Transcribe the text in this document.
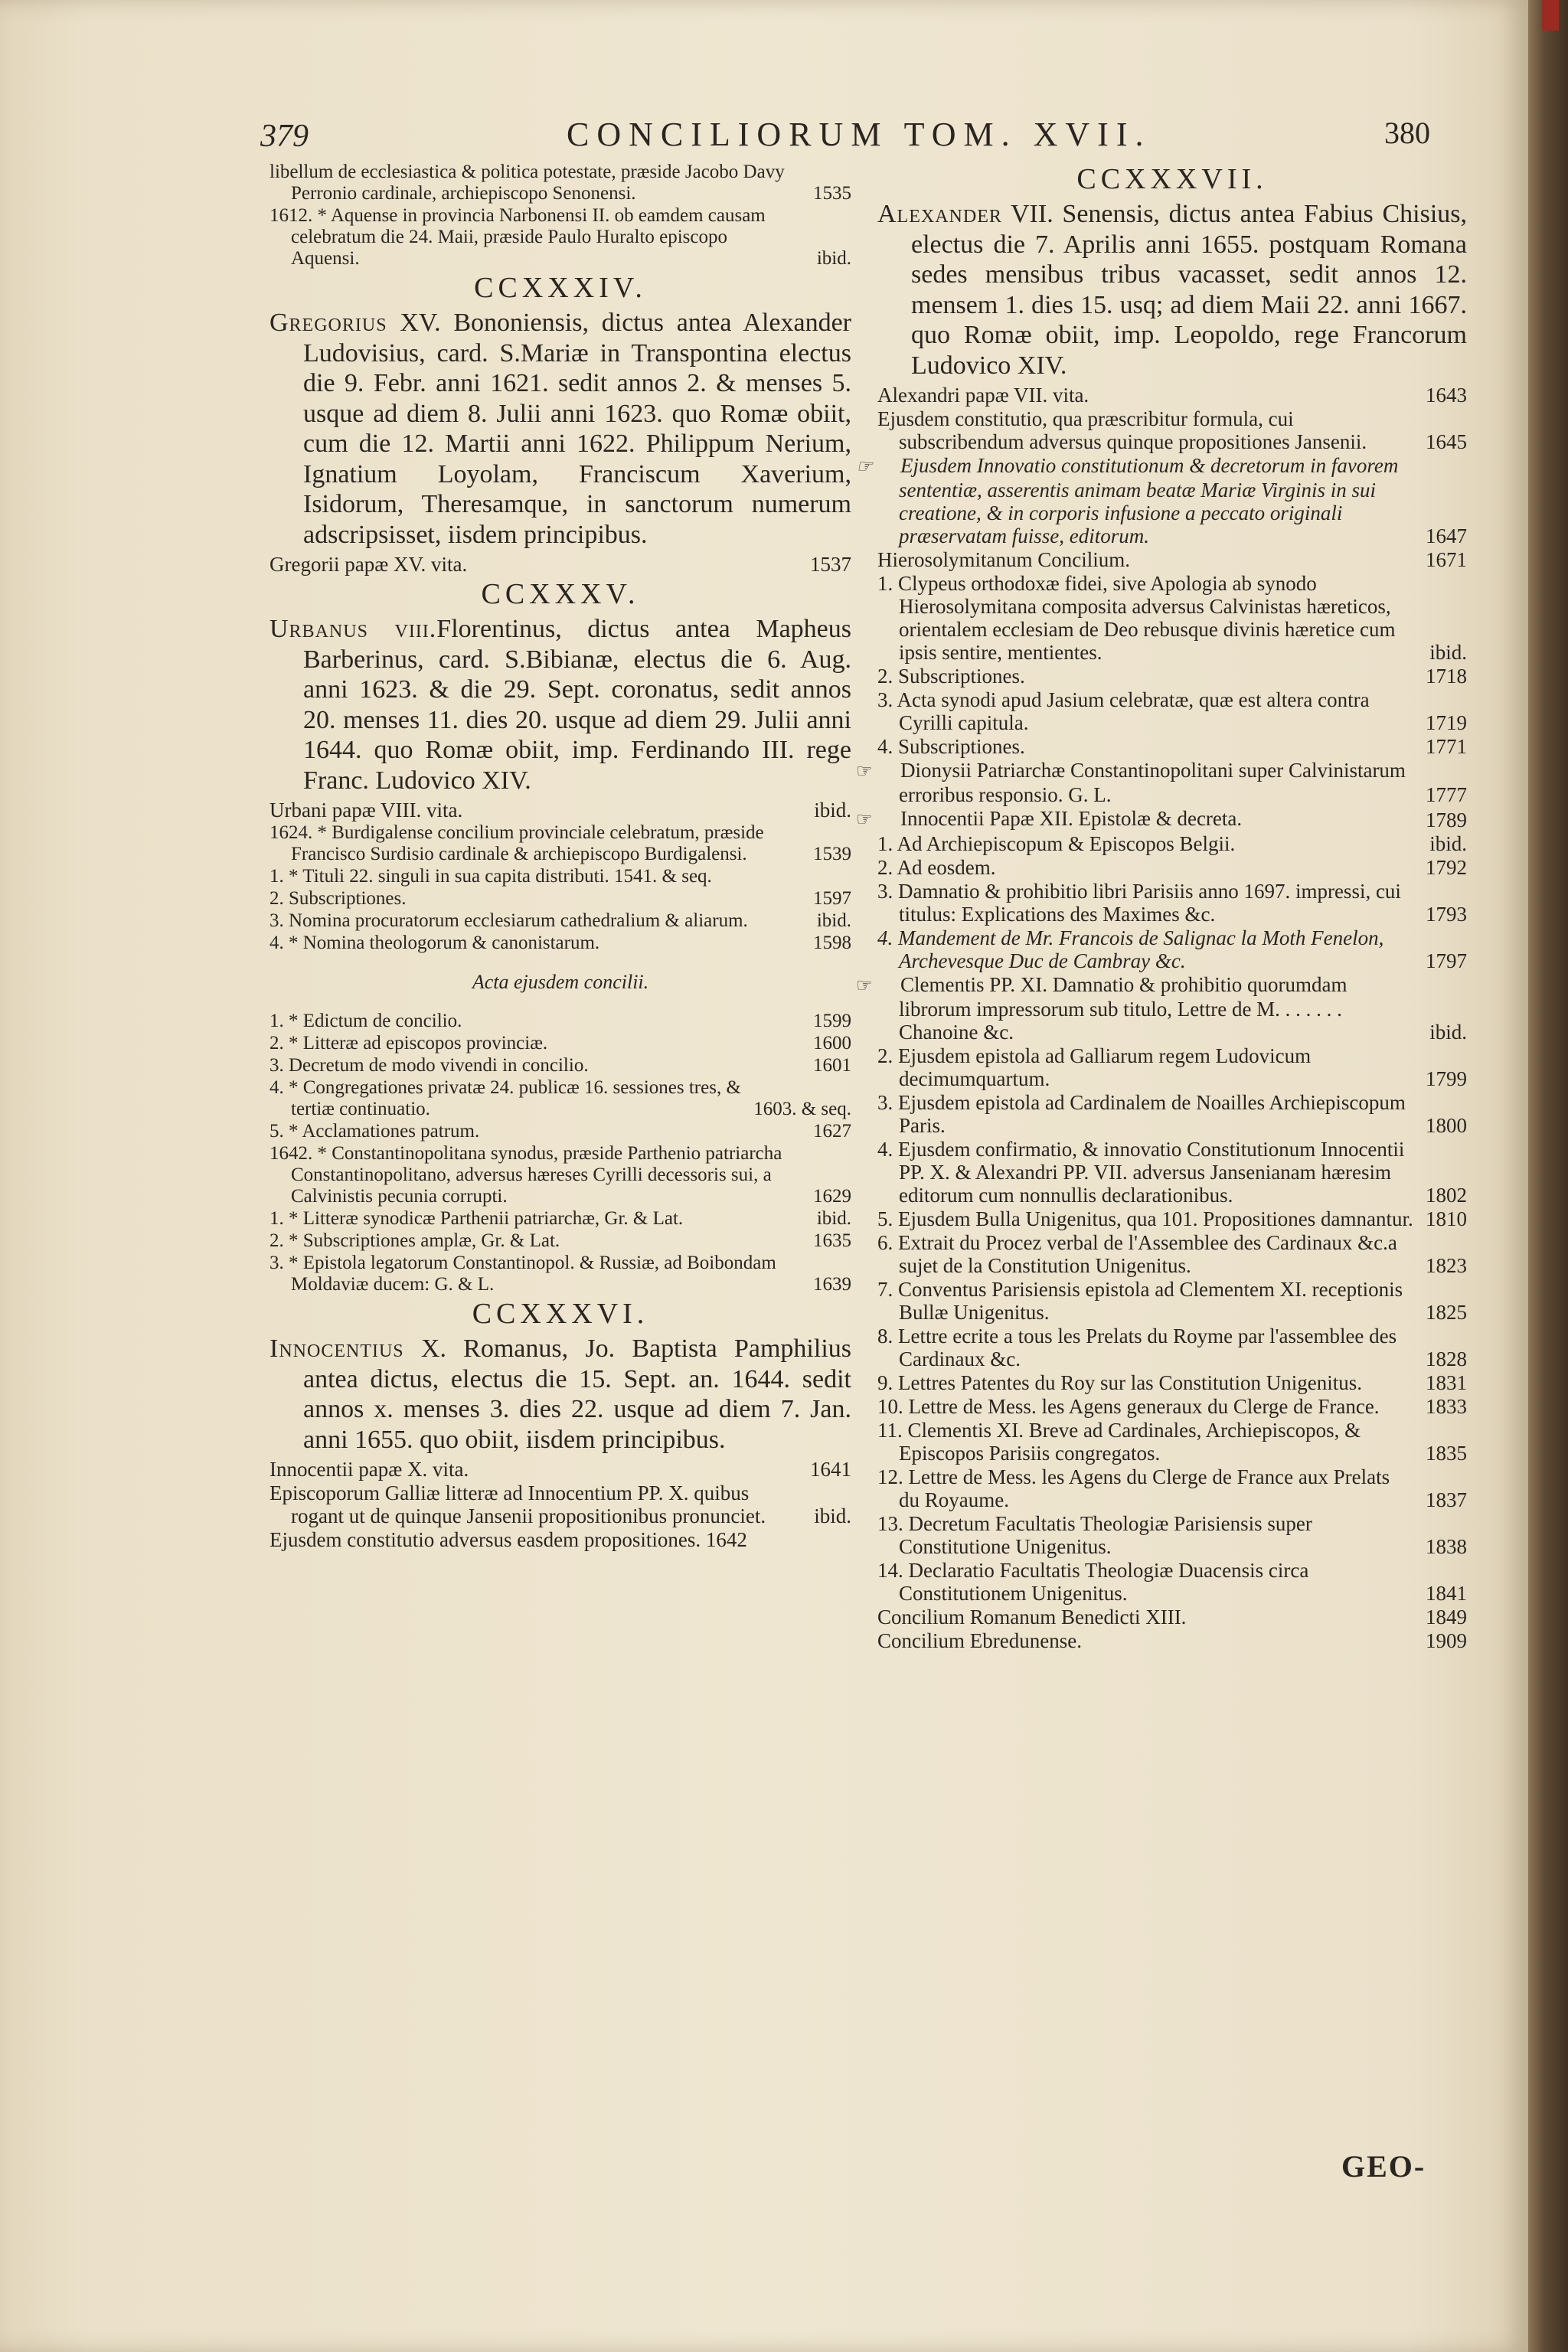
379	CONCILIORUM TOM. XVII.	380
libellum de ecclesiastica & politica potestate, præside Jacobo Davy Perronio cardinale, archiepiscopo Senonensi.	1535
1612. * Aquense in provincia Narbonensi II. ob eamdem causam celebratum die 24. Maii, præside Paulo Huralto episcopo Aquensi.	ibid.
CCXXXIV.

Gregorius XV. Bononiensis, dictus antea Alexander Ludovisius, card. S.Mariæ in Transpontina electus die 9. Febr. anni 1621. sedit annos 2. & menses 5. usque ad diem 8. Julii anni 1623. quo Romæ obiit, cum die 12. Martii anni 1622. Philippum Nerium, Ignatium Loyolam, Franciscum Xaverium, Isidorum, Theresamque, in sanctorum numerum adscripsisset, iisdem principibus.

Gregorii papæ XV. vita.	1537
CCXXXV.

Urbanus viii.Florentinus, dictus antea Mapheus Barberinus, card. S.Bibianæ, electus die 6. Aug. anni 1623. & die 29. Sept. coronatus, sedit annos 20. menses 11. dies 20. usque ad diem 29. Julii anni 1644. quo Romæ obiit, imp. Ferdinando III. rege Franc. Ludovico XIV.

Urbani papæ VIII. vita.	ibid.
1624. * Burdigalense concilium provinciale celebratum, præside Francisco Surdisio cardinale & archiepiscopo Burdigalensi.	1539
1. * Tituli 22. singuli in sua capita distributi. 1541. & seq.
2. Subscriptiones.	1597
3. Nomina procuratorum ecclesiarum cathedralium & aliarum.	ibid.
4. * Nomina theologorum & canonistarum.	1598
Acta ejusdem concilii.
1. * Edictum de concilio.	1599
2. * Litteræ ad episcopos provinciæ.	1600
3. Decretum de modo vivendi in concilio.	1601
4. * Congregationes privatæ 24. publicæ 16. sessiones tres, & tertiæ continuatio.	1603. & seq.
5. * Acclamationes patrum.	1627
1642. * Constantinopolitana synodus, præside Parthenio patriarcha Constantinopolitano, adversus hæreses Cyrilli decessoris sui, a Calvinistis pecunia corrupti.	1629
1. * Litteræ synodicæ Parthenii patriarchæ, Gr. & Lat.	ibid.
2. * Subscriptiones amplæ, Gr. & Lat.	1635
3. * Epistola legatorum Constantinopol. & Russiæ, ad Boibondam Moldaviæ ducem: G. & L.	1639
CCXXXVI.

Innocentius X. Romanus, Jo. Baptista Pamphilius antea dictus, electus die 15. Sept. an. 1644. sedit annos x. menses 3. dies 22. usque ad diem 7. Jan. anni 1655. quo obiit, iisdem principibus.

Innocentii papæ X. vita.	1641
Episcoporum Galliæ litteræ ad Innocentium PP. X. quibus rogant ut de quinque Jansenii propositionibus pronunciet.	ibid.
Ejusdem constitutio adversus easdem propositiones. 1642
CCXXXVII.

Alexander VII. Senensis, dictus antea Fabius Chisius, electus die 7. Aprilis anni 1655. postquam Romana sedes mensibus tribus vacasset, sedit annos 12. mensem 1. dies 15. usq; ad diem Maii 22. anni 1667. quo Romæ obiit, imp. Leopoldo, rege Francorum Ludovico XIV.

Alexandri papæ VII. vita.	1643
Ejusdem constitutio, qua præscribitur formula, cui subscribendum adversus quinque propositiones Jansenii.	1645
☞ Ejusdem Innovatio constitutionum & decretorum in favorem sententiæ, asserentis animam beatæ Mariæ Virginis in sui creatione, & in corporis infusione a peccato originali præservatam fuisse, editorum.	1647
Hierosolymitanum Concilium.	1671
1. Clypeus orthodoxæ fidei, sive Apologia ab synodo Hierosolymitana composita adversus Calvinistas hæreticos, orientalem ecclesiam de Deo rebusque divinis hæretice cum ipsis sentire, mentientes.	ibid.
2. Subscriptiones.	1718
3. Acta synodi apud Jasium celebratæ, quæ est altera contra Cyrilli capitula.	1719
4. Subscriptiones.	1771
☞ Dionysii Patriarchæ Constantinopolitani super Calvinistarum erroribus responsio. G. L.	1777
☞ Innocentii Papæ XII. Epistolæ & decreta.	1789
1. Ad Archiepiscopum & Episcopos Belgii.	ibid.
2. Ad eosdem.	1792
3. Damnatio & prohibitio libri Parisiis anno 1697. impressi, cui titulus: Explications des Maximes &c.	1793
4. Mandement de Mr. Francois de Salignac la Moth Fenelon, Archevesque Duc de Cambray &c.	1797
☞ Clementis PP. XI. Damnatio & prohibitio quorumdam librorum impressorum sub titulo, Lettre de M. . . . . . . Chanoine &c.	ibid.
2. Ejusdem epistola ad Galliarum regem Ludovicum decimumquartum.	1799
3. Ejusdem epistola ad Cardinalem de Noailles Archiepiscopum Paris.	1800
4. Ejusdem confirmatio, & innovatio Constitutionum Innocentii PP. X. & Alexandri PP. VII. adversus Jansenianam hæresim editorum cum nonnullis declarationibus.	1802
5. Ejusdem Bulla Unigenitus, qua 101. Propositiones damnantur. 1810
6. Extrait du Procez verbal de l'Assemblee des Cardinaux &c.a sujet de la Constitution Unigenitus.	1823
7. Conventus Parisiensis epistola ad Clementem XI. receptionis Bullæ Unigenitus.	1825
8. Lettre ecrite a tous les Prelats du Royme par l'assemblee des Cardinaux &c.	1828
9. Lettres Patentes du Roy sur las Constitution Unigenitus.	1831
10. Lettre de Mess. les Agens generaux du Clerge de France.	1833
11. Clementis XI. Breve ad Cardinales, Archiepiscopos, & Episcopos Parisiis congregatos.	1835
12. Lettre de Mess. les Agens du Clerge de France aux Prelats du Royaume.	1837
13. Decretum Facultatis Theologiæ Parisiensis super Constitutione Unigenitus.	1838
14. Declaratio Facultatis Theologiæ Duacensis circa Constitutionem Unigenitus.	1841
Concilium Romanum Benedicti XIII.	1849
Concilium Ebredunense.	1909
GEO-
